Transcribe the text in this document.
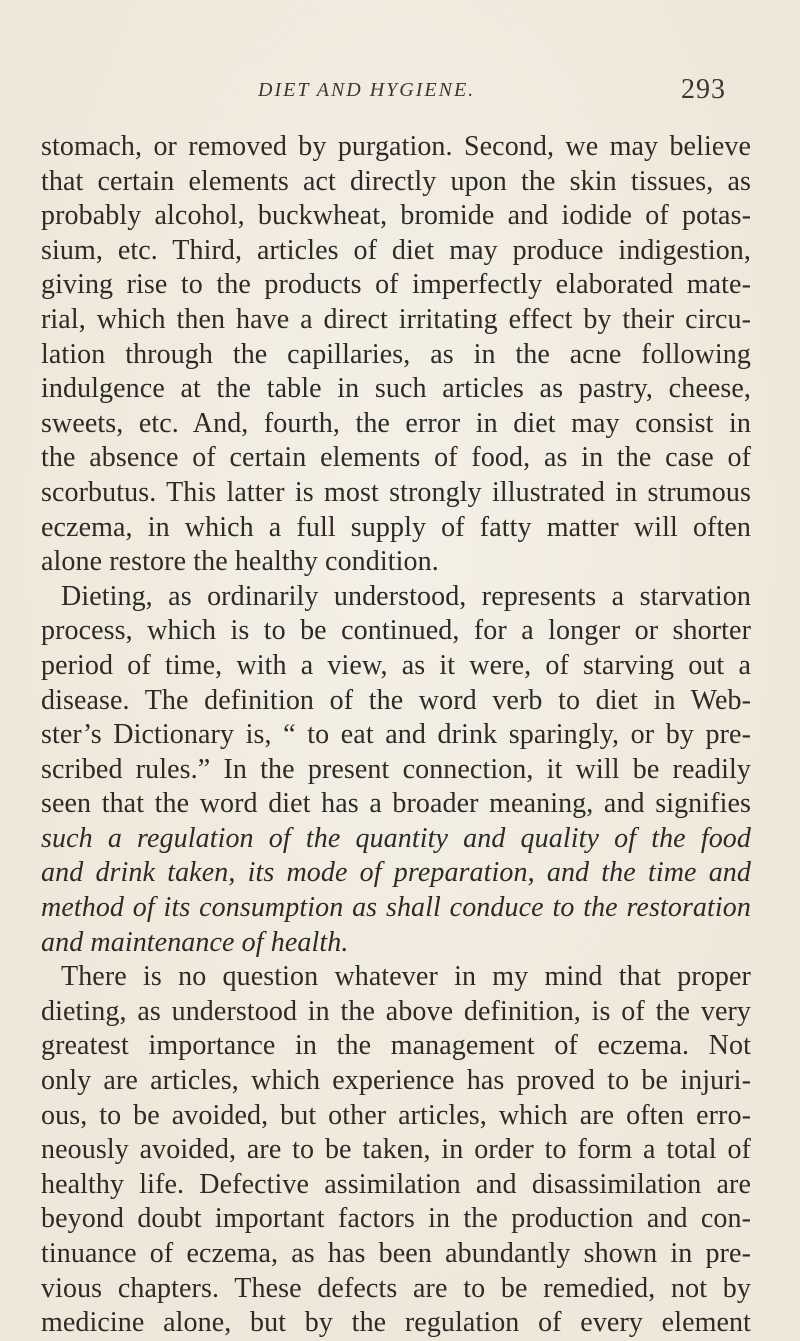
DIET AND HYGIENE.	293
stomach, or removed by purgation. Second, we may believe
that certain elements act directly upon the skin tissues, as
probably alcohol, buckwheat, bromide and iodide of potas-
sium, etc. Third, articles of diet may produce indigestion,
giving rise to the products of imperfectly elaborated mate-
rial, which then have a direct irritating effect by their circu-
lation through the capillaries, as in the acne following
indulgence at the table in such articles as pastry, cheese,
sweets, etc. And, fourth, the error in diet may consist in
the absence of certain elements of food, as in the case of
scorbutus. This latter is most strongly illustrated in strumous
eczema, in which a full supply of fatty matter will often
alone restore the healthy condition.
Dieting, as ordinarily understood, represents a starvation
process, which is to be continued, for a longer or shorter
period of time, with a view, as it were, of starving out a
disease. The definition of the word verb to diet in Web-
ster’s Dictionary is, “ to eat and drink sparingly, or by pre-
scribed rules.” In the present connection, it will be readily
seen that the word diet has a broader meaning, and signifies
such a regulation of the quantity and quality of the food
and drink taken, its mode of preparation, and the time and
method of its consumption as shall conduce to the restoration
and maintenance of health.
There is no question whatever in my mind that proper
dieting, as understood in the above definition, is of the very
greatest importance in the management of eczema. Not
only are articles, which experience has proved to be injuri-
ous, to be avoided, but other articles, which are often erro-
neously avoided, are to be taken, in order to form a total of
healthy life. Defective assimilation and disassimilation are
beyond doubt important factors in the production and con-
tinuance of eczema, as has been abundantly shown in pre-
vious chapters. These defects are to be remedied, not by
medicine alone, but by the regulation of every element
